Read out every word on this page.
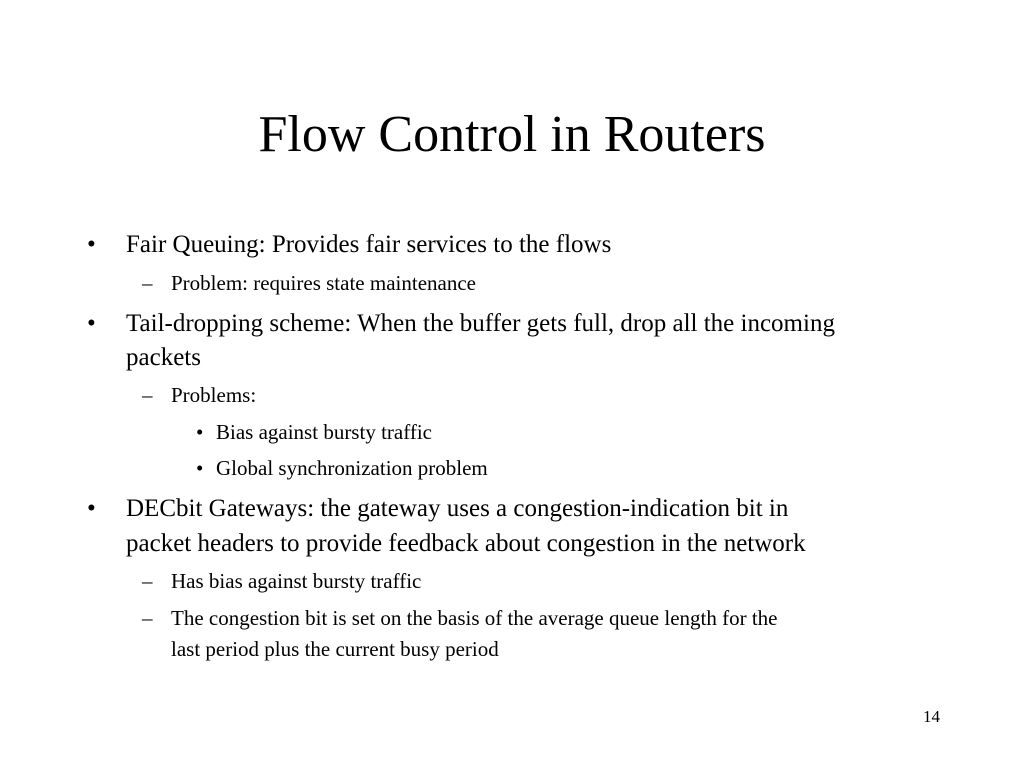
Flow Control in Routers
• Fair Queuing: Provides fair services to the flows
– Problem: requires state maintenance
• Tail-dropping scheme: When the buffer gets full, drop all the incoming
packets
– Problems:
• Bias against bursty traffic
• Global synchronization problem
• DECbit Gateways: the gateway uses a congestion-indication bit in
packet headers to provide feedback about congestion in the network
– Has bias against bursty traffic
– The congestion bit is set on the basis of the average queue length for the
last period plus the current busy period
14
